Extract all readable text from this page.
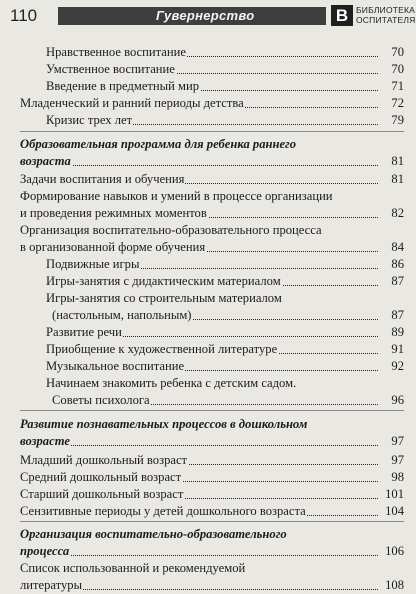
110	Гувернерство	В БИБЛИОТЕКА
ОСПИТАТЕЛЯ
Нравственное воспитание	70
Умственное воспитание	70
Введение в предметный мир	71
Младенческий и ранний периоды детства	72
Кризис трех лет	79
Образовательная программа для ребенка раннего
возраста	81
Задачи воспитания и обучения	81
Формирование навыков и умений в процессе организации
и проведения режимных моментов	82
Организация воспитательно-образовательного процесса
в организованной форме обучения	84
Подвижные игры	86
Игры-занятия с дидактическим материалом	87
Игры-занятия со строительным материалом
(настольным, напольным)	87
Развитие речи	89
Приобщение к художественной литературе	91
Музыкальное воспитание	92
Начинаем знакомить ребенка с детским садом.
Советы психолога	96
Развитие познавательных процессов в дошкольном
возрасте	97
Младший дошкольный возраст	97
Средний дошкольный возраст	98
Старший дошкольный возраст	101
Сензитивные периоды у детей дошкольного возраста	104
Организация воспитательно-образовательного
процесса	106
Список использованной и рекомендуемой
литературы	108
